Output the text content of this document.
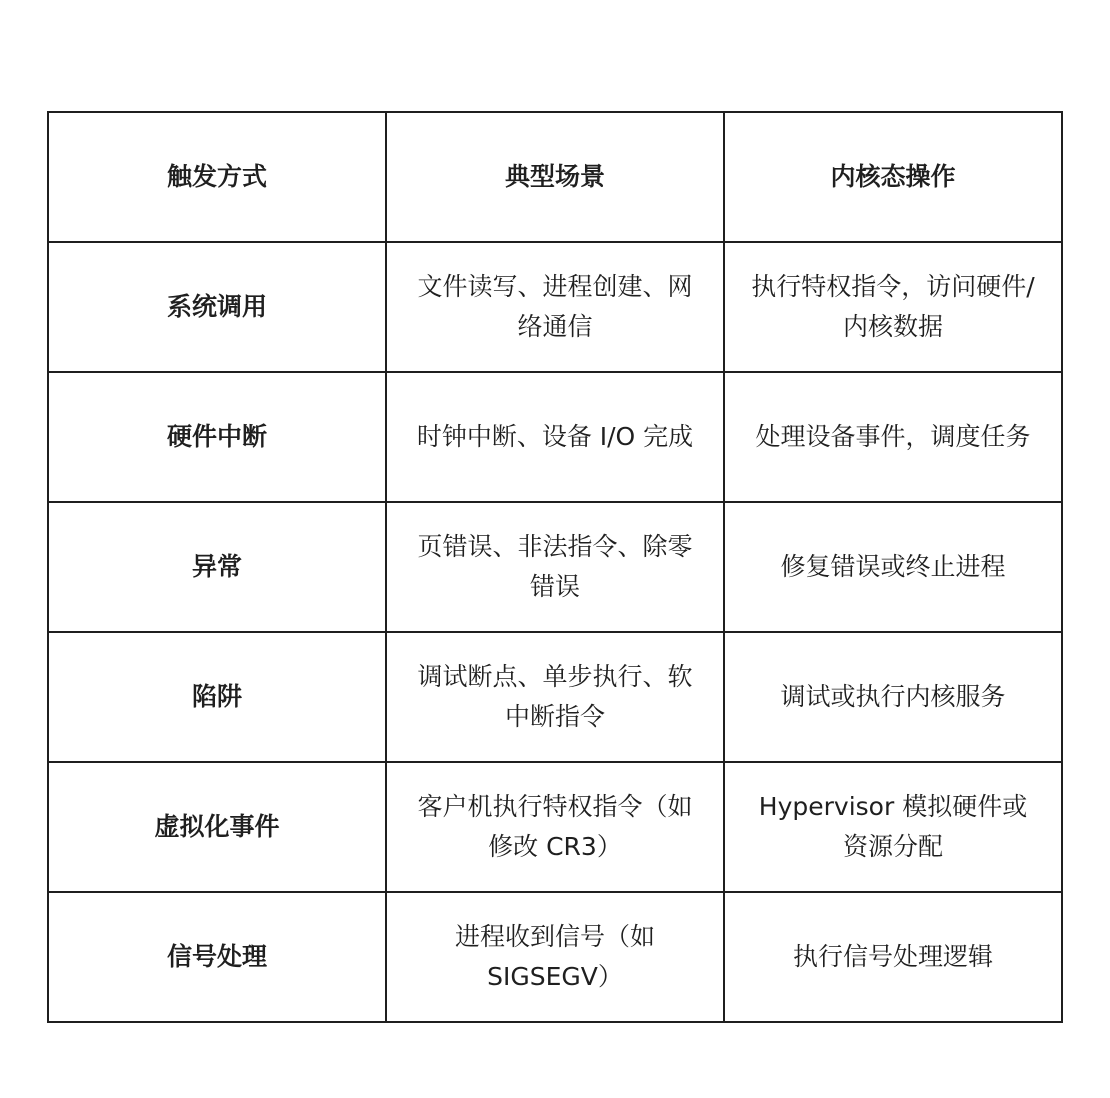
触发方式	典型场景	内核态操作
系统调用	文件读写、进程创建、网络通信	执行特权指令，访问硬件/内核数据
硬件中断	时钟中断、设备 I/O 完成	处理设备事件，调度任务
异常	页错误、非法指令、除零错误	修复错误或终止进程
陷阱	调试断点、单步执行、软中断指令	调试或执行内核服务
虚拟化事件	客户机执行特权指令（如修改 CR3）	Hypervisor 模拟硬件或资源分配
信号处理	进程收到信号（如 SIGSEGV）	执行信号处理逻辑
